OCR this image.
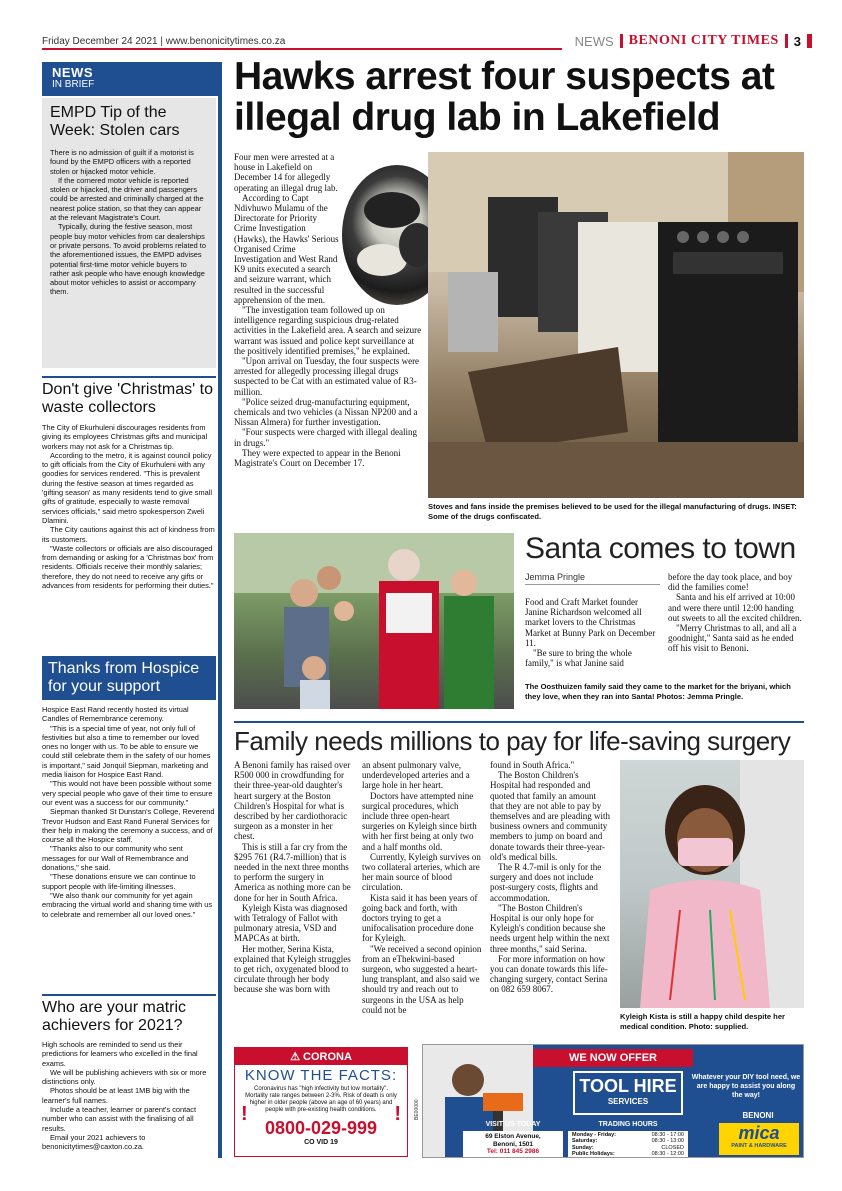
Friday December 24 2021 | www.benonicitytimes.co.za	NEWS BENONI CITY TIMES 3
NEWS
IN BRIEF
EMPD Tip of the Week: Stolen cars

There is no admission of guilt if a motorist is found by the EMPD officers with a reported stolen or hijacked motor vehicle.

If the cornered motor vehicle is reported stolen or hijacked, the driver and passengers could be arrested and criminally charged at the nearest police station, so that they can appear at the relevant Magistrate's Court.

Typically, during the festive season, most people buy motor vehicles from car dealerships or private persons. To avoid problems related to the aforementioned issues, the EMPD advises potential first-time motor vehicle buyers to rather ask people who have enough knowledge about motor vehicles to assist or accompany them.

Don't give 'Christmas' to waste collectors

The City of Ekurhuleni discourages residents from giving its employees Christmas gifts and municipal workers may not ask for a Christmas tip.

According to the metro, it is against council policy to gift officials from the City of Ekurhuleni with any goodies for services rendered. "This is prevalent during the festive season at times regarded as 'gifting season' as many residents tend to give small gifts of gratitude, especially to waste removal services officials," said metro spokesperson Zweli Dlamini.

The City cautions against this act of kindness from its customers.

"Waste collectors or officials are also discouraged from demanding or asking for a 'Christmas box' from residents. Officials receive their monthly salaries; therefore, they do not need to receive any gifts or advances from residents for performing their duties."

Thanks from Hospice for your support

Hospice East Rand recently hosted its virtual Candles of Remembrance ceremony.

"This is a special time of year, not only full of festivities but also a time to remember our loved ones no longer with us. To be able to ensure we could still celebrate them in the safety of our homes is important," said Jonquil Siepman, marketing and media liaison for Hospice East Rand.

"This would not have been possible without some very special people who gave of their time to ensure our event was a success for our community."

Siepman thanked St Dunstan's College, Reverend Trevor Hudson and East Rand Funeral Services for their help in making the ceremony a success, and of course all the Hospice staff.

"Thanks also to our community who sent messages for our Wall of Remembrance and donations," she said.

"These donations ensure we can continue to support people with life-limiting illnesses.

"We also thank our community for yet again embracing the virtual world and sharing time with us to celebrate and remember all our loved ones."

Who are your matric achievers for 2021?

High schools are reminded to send us their predictions for learners who excelled in the final exams.

We will be publishing achievers with six or more distinctions only.

Photos should be at least 1MB big with the learner's full names.

Include a teacher, learner or parent's contact number who can assist with the finalising of all results.

Email your 2021 achievers to benonicitytimes@caxton.co.za.

Hawks arrest four suspects at illegal drug lab in Lakefield

Four men were arrested at a house in Lakefield on December 14 for allegedly operating an illegal drug lab.

According to Capt Ndivhuwo Mulamu of the Directorate for Priority Crime Investigation (Hawks), the Hawks' Serious Organised Crime Investigation and West Rand K9 units executed a search and seizure warrant, which resulted in the successful apprehension of the men.

"The investigation team followed up on intelligence regarding suspicious drug-related activities in the Lakefield area. A search and seizure warrant was issued and police kept surveillance at the positively identified premises," he explained.

"Upon arrival on Tuesday, the four suspects were arrested for allegedly processing illegal drugs suspected to be Cat with an estimated value of R3-million.

"Police seized drug-manufacturing equipment, chemicals and two vehicles (a Nissan NP200 and a Nissan Almera) for further investigation.

"Four suspects were charged with illegal dealing in drugs."

They were expected to appear in the Benoni Magistrate's Court on December 17.

Stoves and fans inside the premises believed to be used for the illegal manufacturing of drugs. INSET: Some of the drugs confiscated.
Santa comes to town
Jemma Pringle

Food and Craft Market founder Janine Richardson welcomed all market lovers to the Christmas Market at Bunny Park on December 11.

"Be sure to bring the whole family," is what Janine said

before the day took place, and boy did the families come!

Santa and his elf arrived at 10:00 and were there until 12:00 handing out sweets to all the excited children.

"Merry Christmas to all, and all a goodnight," Santa said as he ended off his visit to Benoni.

The Oosthuizen family said they came to the market for the briyani, which they love, when they ran into Santa! Photos: Jemma Pringle.
Family needs millions to pay for life-saving surgery

A Benoni family has raised over R500 000 in crowdfunding for their three-year-old daughter's heart surgery at the Boston Children's Hospital for what is described by her cardiothoracic surgeon as a monster in her chest.

This is still a far cry from the $295 761 (R4.7-million) that is needed in the next three months to perform the surgery in America as nothing more can be done for her in South Africa.

Kyleigh Kista was diagnosed with Tetralogy of Fallot with pulmonary atresia, VSD and MAPCAs at birth.

Her mother, Serina Kista, explained that Kyleigh struggles to get rich, oxygenated blood to circulate through her body because she was born with

an absent pulmonary valve, underdeveloped arteries and a large hole in her heart.

Doctors have attempted nine surgical procedures, which include three open-heart surgeries on Kyleigh since birth with her first being at only two and a half months old.

Currently, Kyleigh survives on two collateral arteries, which are her main source of blood circulation.

Kista said it has been years of going back and forth, with doctors trying to get a unifocalisation procedure done for Kyleigh.

"We received a second opinion from an eThekwini-based surgeon, who suggested a heart-lung transplant, and also said we should try and reach out to surgeons in the USA as help could not be

found in South Africa."

The Boston Children's Hospital had responded and quoted that family an amount that they are not able to pay by themselves and are pleading with business owners and community members to jump on board and donate towards their three-year-old's medical bills.

The R 4.7-mil is only for the surgery and does not include post-surgery costs, flights and accommodation.

"The Boston Children's Hospital is our only hope for Kyleigh's condition because she needs urgent help within the next three months," said Serina.

For more information on how you can donate towards this life-changing surgery, contact Serina on 082 659 8067.

Kyleigh Kista is still a happy child despite her medical condition. Photo: supplied.
⚠ CORONA
KNOW THE FACTS:
Coronavirus has "high infectivity but low mortality". Mortality rate ranges between 2-3%. Risk of death is only higher in older people (above an age of 60 years) and people with pre-existing health conditions.
0800-029-999
CO VID 19
!	!
WE NOW OFFER
TOOL HIRE
SERVICES
Whatever your DIY tool need, we are happy to assist you along the way!
VISIT US TODAY
69 Elston Avenue,
Benoni, 1501
Tel: 011 845 2986
TRADING HOURS
Monday - Friday:	08:30 - 17:00
Saturday:	08:30 - 13:00
Sunday:	CLOSED
Public Holidays:	08:30 - 12:00
BENONI
mica
PAINT & HARDWARE
BE00000
